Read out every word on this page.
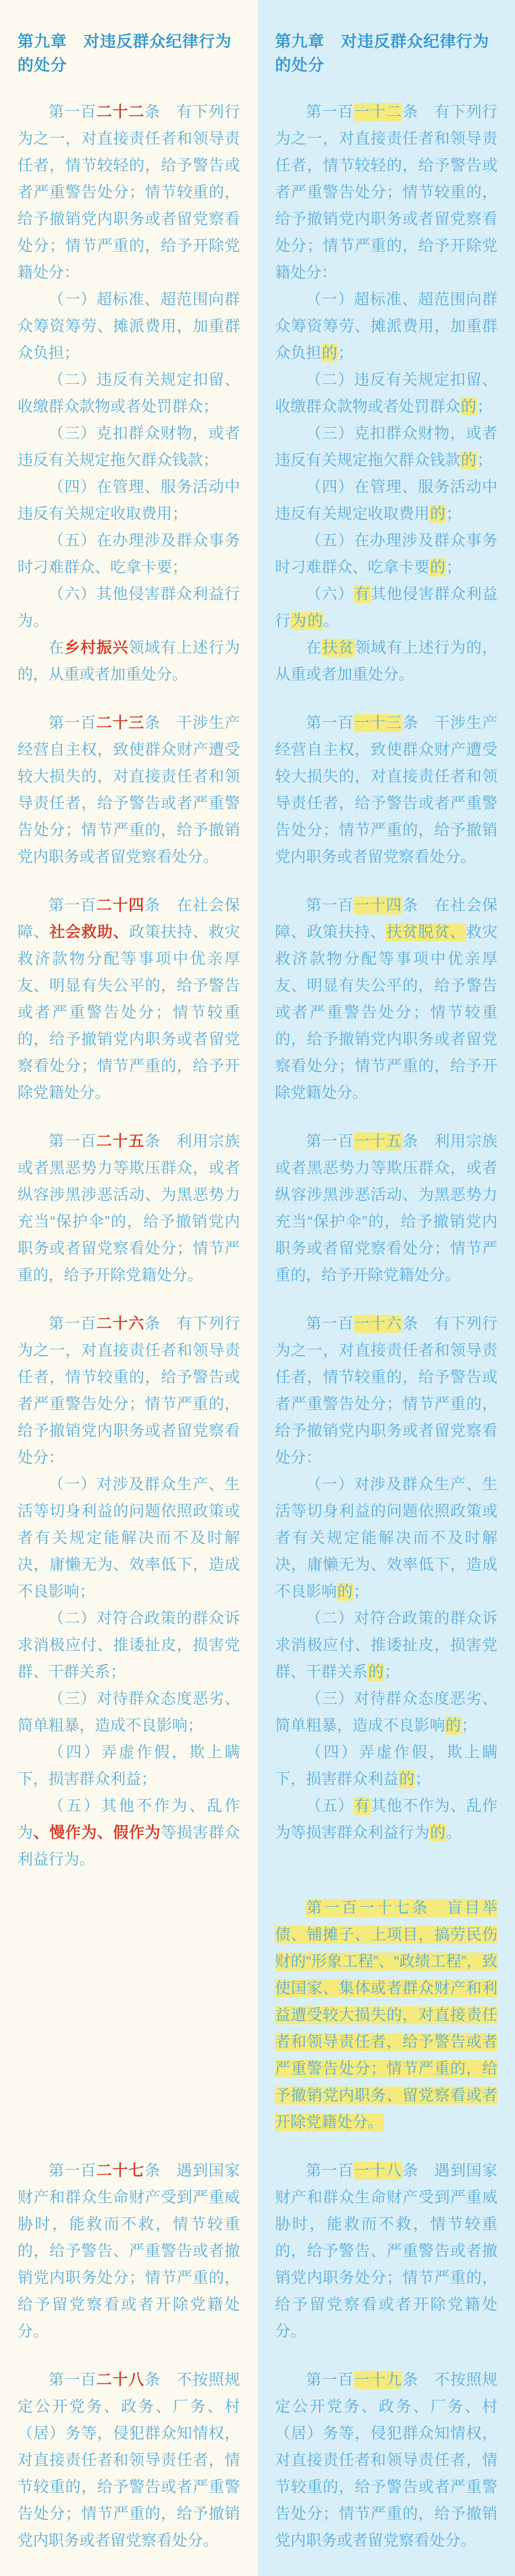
第九章　对违反群众纪律行为的处分
第九章　对违反群众纪律行为的处分

第一百二十二条　有下列行为之一，对直接责任者和领导责任者，情节较轻的，给予警告或者严重警告处分；情节较重的，给予撤销党内职务或者留党察看处分；情节严重的，给予开除党籍处分：

第一百一十二条　有下列行为之一，对直接责任者和领导责任者，情节较轻的，给予警告或者严重警告处分；情节较重的，给予撤销党内职务或者留党察看处分；情节严重的，给予开除党籍处分：

（一）超标准、超范围向群众筹资筹劳、摊派费用，加重群众负担；

（一）超标准、超范围向群众筹资筹劳、摊派费用，加重群众负担的；

（二）违反有关规定扣留、收缴群众款物或者处罚群众；

（二）违反有关规定扣留、收缴群众款物或者处罚群众的；

（三）克扣群众财物，或者违反有关规定拖欠群众钱款；

（三）克扣群众财物，或者违反有关规定拖欠群众钱款的；

（四）在管理、服务活动中违反有关规定收取费用；

（四）在管理、服务活动中违反有关规定收取费用的；

（五）在办理涉及群众事务时刁难群众、吃拿卡要；

（五）在办理涉及群众事务时刁难群众、吃拿卡要的；

（六）其他侵害群众利益行为。

（六）有其他侵害群众利益行为的。

在乡村振兴领域有上述行为的，从重或者加重处分。

在扶贫领域有上述行为的，从重或者加重处分。

第一百二十三条　干涉生产经营自主权，致使群众财产遭受较大损失的，对直接责任者和领导责任者，给予警告或者严重警告处分；情节严重的，给予撤销党内职务或者留党察看处分。

第一百一十三条　干涉生产经营自主权，致使群众财产遭受较大损失的，对直接责任者和领导责任者，给予警告或者严重警告处分；情节严重的，给予撤销党内职务或者留党察看处分。

第一百二十四条　在社会保障、社会救助、政策扶持、救灾救济款物分配等事项中优亲厚友、明显有失公平的，给予警告或者严重警告处分；情节较重的，给予撤销党内职务或者留党察看处分；情节严重的，给予开除党籍处分。

第一百一十四条　在社会保障、政策扶持、扶贫脱贫、救灾救济款物分配等事项中优亲厚友、明显有失公平的，给予警告或者严重警告处分；情节较重的，给予撤销党内职务或者留党察看处分；情节严重的，给予开除党籍处分。

第一百二十五条　利用宗族或者黑恶势力等欺压群众，或者纵容涉黑涉恶活动、为黑恶势力充当“保护伞”的，给予撤销党内职务或者留党察看处分；情节严重的，给予开除党籍处分。

第一百一十五条　利用宗族或者黑恶势力等欺压群众，或者纵容涉黑涉恶活动、为黑恶势力充当“保护伞”的，给予撤销党内职务或者留党察看处分；情节严重的，给予开除党籍处分。

第一百二十六条　有下列行为之一，对直接责任者和领导责任者，情节较重的，给予警告或者严重警告处分；情节严重的，给予撤销党内职务或者留党察看处分：

第一百一十六条　有下列行为之一，对直接责任者和领导责任者，情节较重的，给予警告或者严重警告处分；情节严重的，给予撤销党内职务或者留党察看处分：

（一）对涉及群众生产、生活等切身利益的问题依照政策或者有关规定能解决而不及时解决，庸懒无为、效率低下，造成不良影响；

（一）对涉及群众生产、生活等切身利益的问题依照政策或者有关规定能解决而不及时解决，庸懒无为、效率低下，造成不良影响的；

（二）对符合政策的群众诉求消极应付、推诿扯皮，损害党群、干群关系；

（二）对符合政策的群众诉求消极应付、推诿扯皮，损害党群、干群关系的；

（三）对待群众态度恶劣、简单粗暴，造成不良影响；

（三）对待群众态度恶劣、简单粗暴，造成不良影响的；

（四）弄虚作假，欺上瞒下，损害群众利益；

（四）弄虚作假，欺上瞒下，损害群众利益的；

（五）其他不作为、乱作为、慢作为、假作为等损害群众利益行为。

（五）有其他不作为、乱作为等损害群众利益行为的。

第一百一十七条　盲目举债、铺摊子、上项目，搞劳民伤财的“形象工程”、“政绩工程”，致使国家、集体或者群众财产和利益遭受较大损失的，对直接责任者和领导责任者，给予警告或者严重警告处分；情节严重的，给予撤销党内职务、留党察看或者开除党籍处分。

第一百二十七条　遇到国家财产和群众生命财产受到严重威胁时，能救而不救，情节较重的，给予警告、严重警告或者撤销党内职务处分；情节严重的，给予留党察看或者开除党籍处分。

第一百一十八条　遇到国家财产和群众生命财产受到严重威胁时，能救而不救，情节较重的，给予警告、严重警告或者撤销党内职务处分；情节严重的，给予留党察看或者开除党籍处分。

第一百二十八条　不按照规定公开党务、政务、厂务、村（居）务等，侵犯群众知情权，对直接责任者和领导责任者，情节较重的，给予警告或者严重警告处分；情节严重的，给予撤销党内职务或者留党察看处分。

第一百一十九条　不按照规定公开党务、政务、厂务、村（居）务等，侵犯群众知情权，对直接责任者和领导责任者，情节较重的，给予警告或者严重警告处分；情节严重的，给予撤销党内职务或者留党察看处分。
